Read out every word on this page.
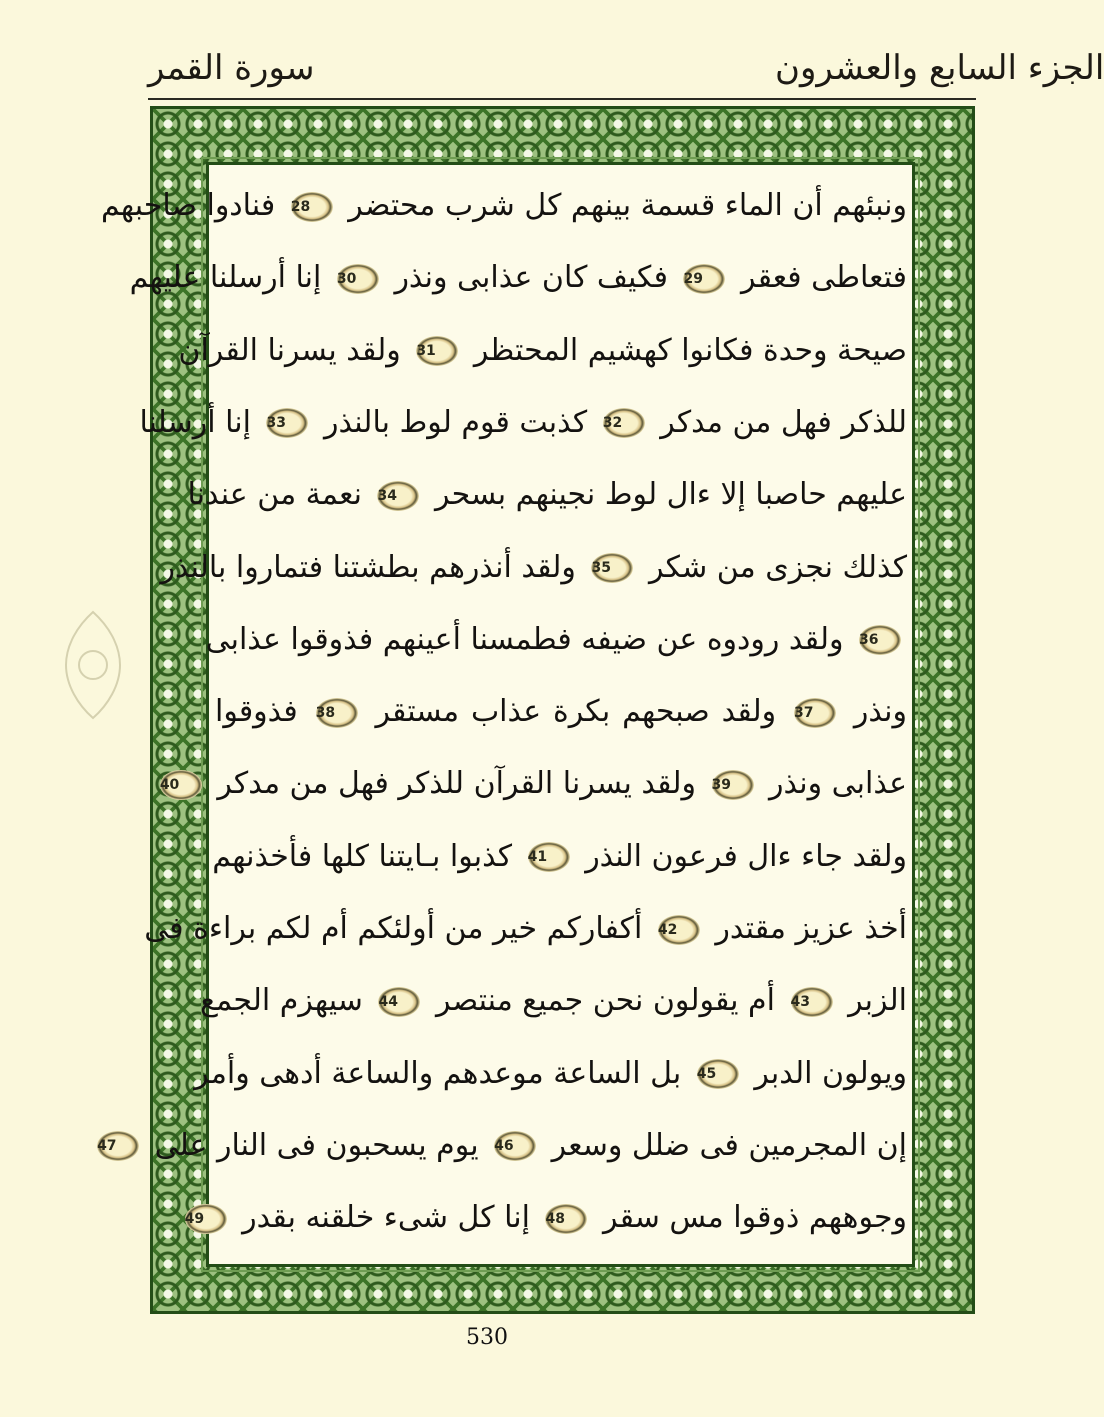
الجزء السابع والعشرون
سورة القمر
ونبئهم أن الماء قسمة بينهم كل شرب محتضر 28 فنادوا صاحبهم
فتعاطى فعقر 29 فكيف كان عذابى ونذر 30 إنا أرسلنا عليهم
صيحة وحدة فكانوا كهشيم المحتظر 31 ولقد يسرنا القرآن
للذكر فهل من مدكر 32 كذبت قوم لوط بالنذر 33 إنا أرسلنا
عليهم حاصبا إلا ءال لوط نجينهم بسحر 34 نعمة من عندنا
كذلك نجزى من شكر 35 ولقد أنذرهم بطشتنا فتماروا بالنذر
36 ولقد رودوه عن ضيفه فطمسنا أعينهم فذوقوا عذابى
ونذر 37 ولقد صبحهم بكرة عذاب مستقر 38 فذوقوا
عذابى ونذر 39 ولقد يسرنا القرآن للذكر فهل من مدكر 40
ولقد جاء ءال فرعون النذر 41 كذبوا بـايتنا كلها فأخذنهم
أخذ عزيز مقتدر 42 أكفاركم خير من أولئكم أم لكم براءة فى
الزبر 43 أم يقولون نحن جميع منتصر 44 سيهزم الجمع
ويولون الدبر 45 بل الساعة موعدهم والساعة أدهى وأمر
إن المجرمين فى ضلل وسعر 46 يوم يسحبون فى النار على 47
وجوههم ذوقوا مس سقر 48 إنا كل شىء خلقنه بقدر 49
530
